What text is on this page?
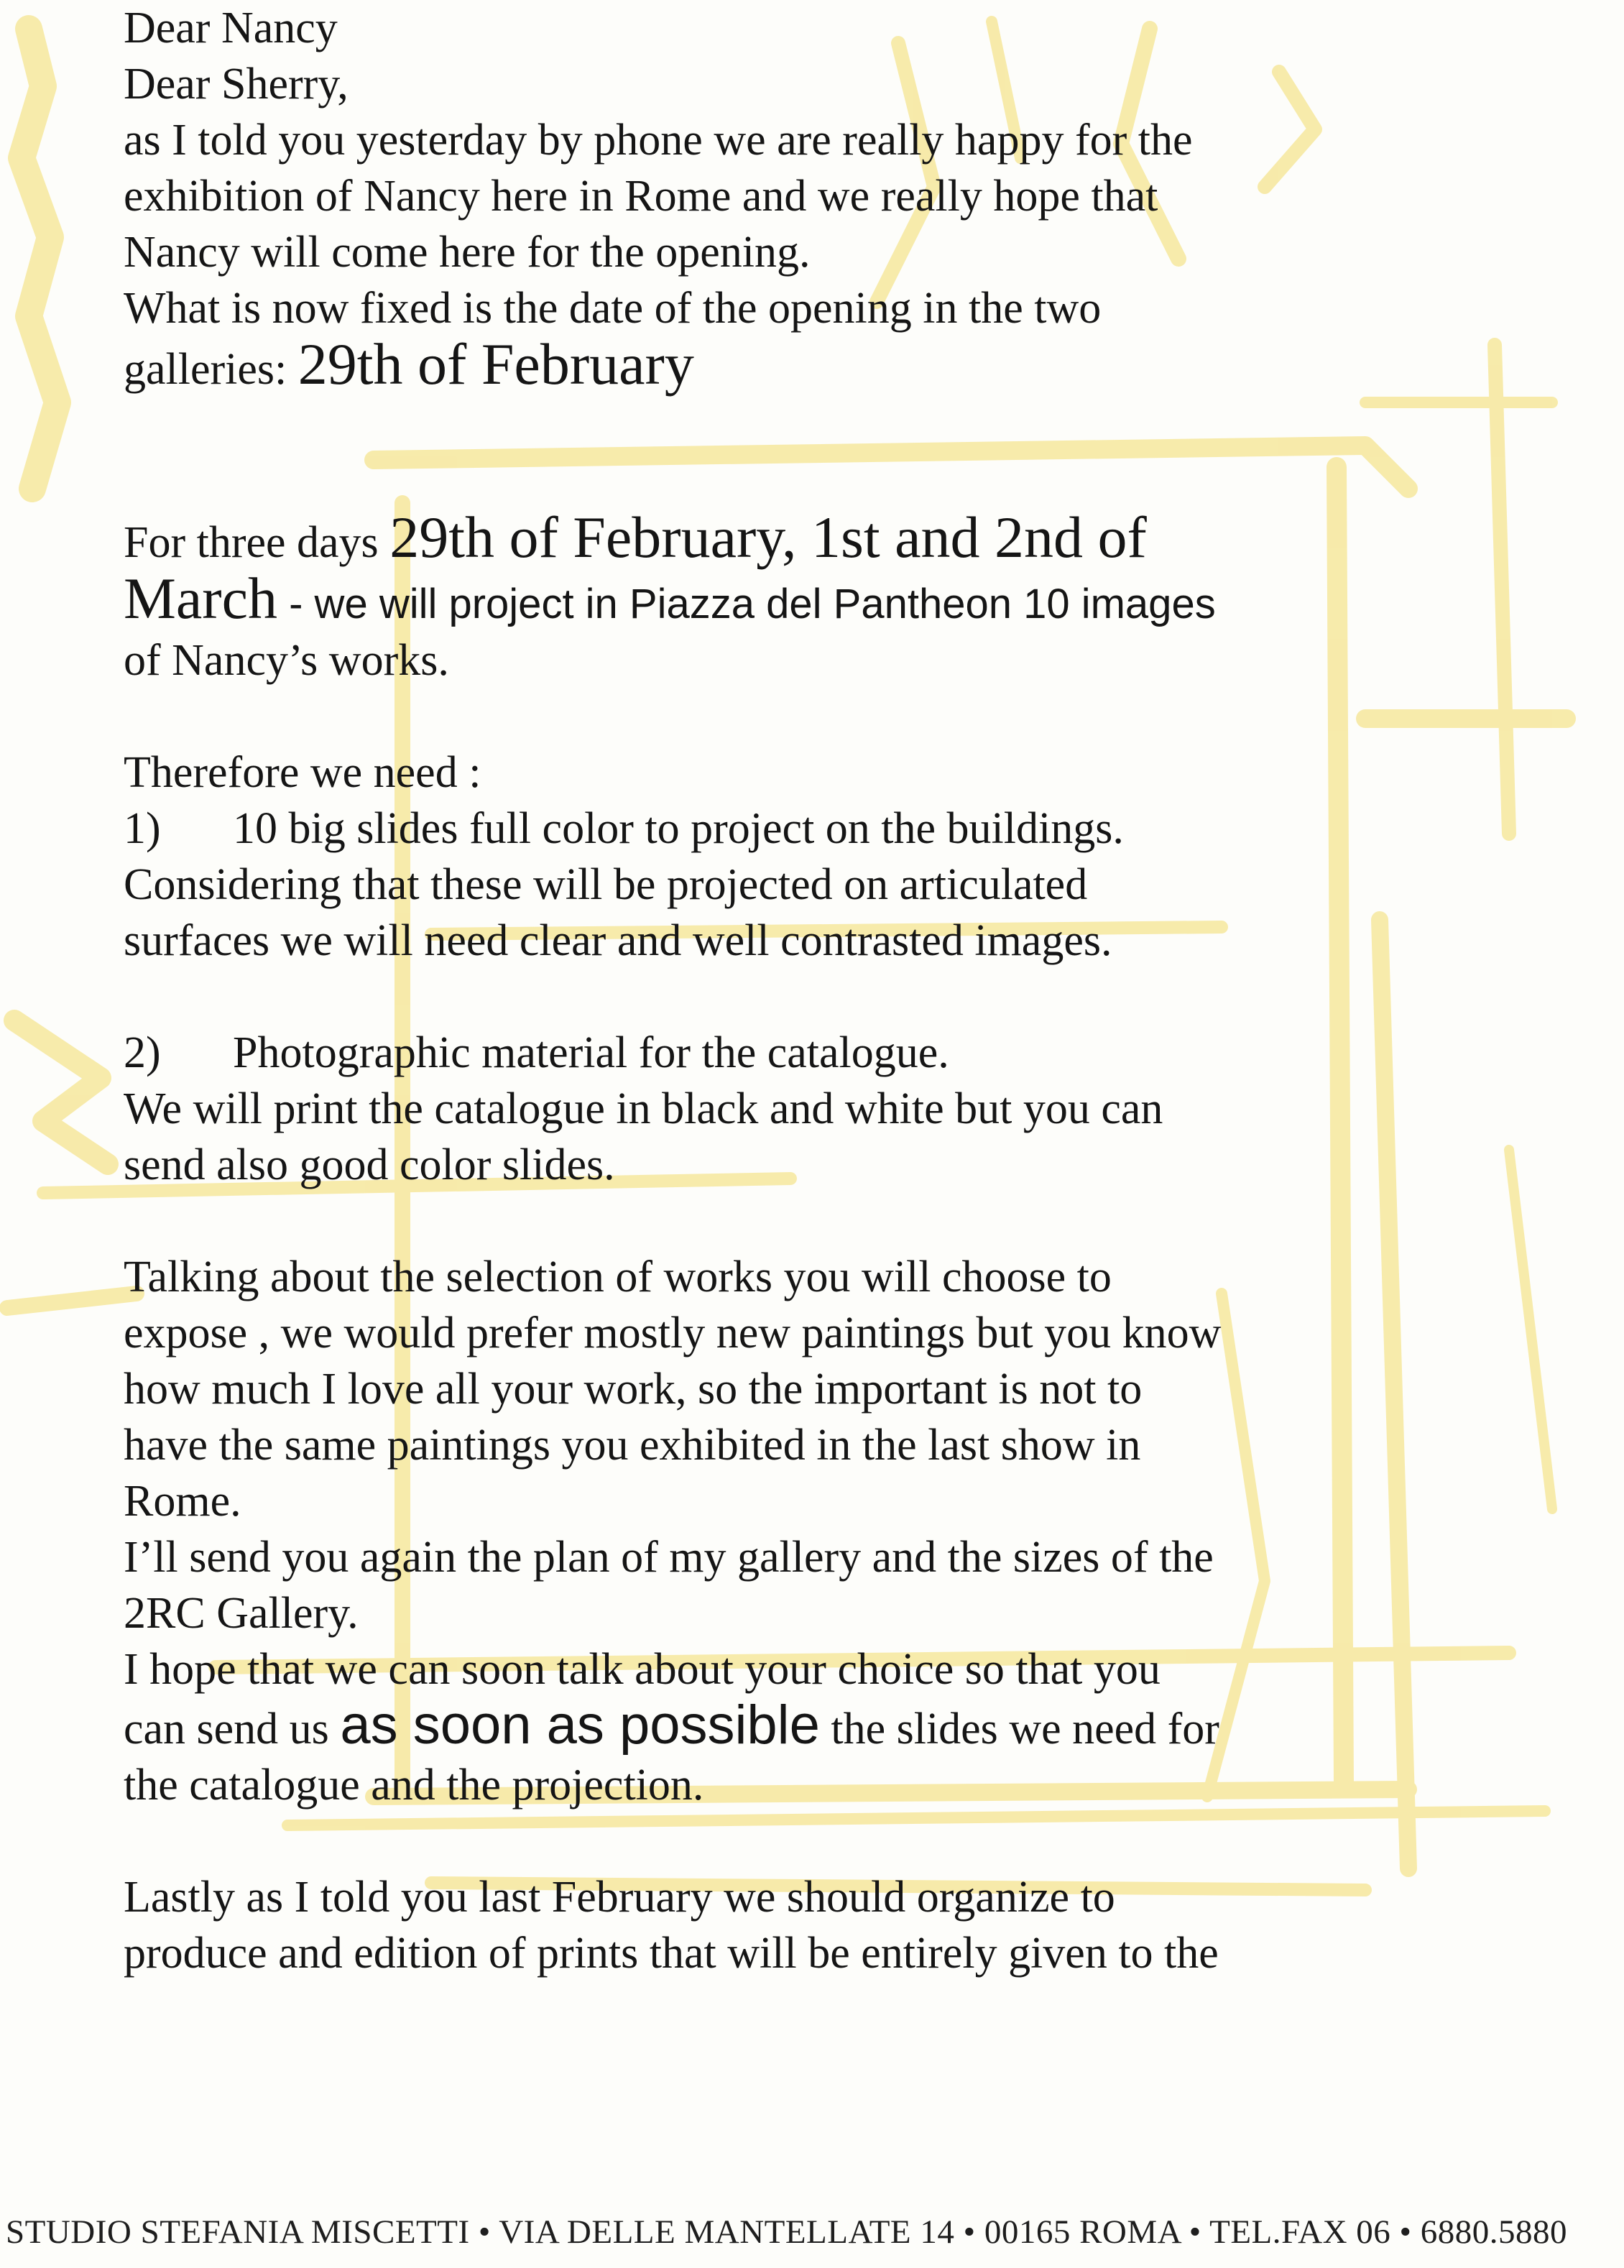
Dear Nancy

Dear Sherry,

as I told you yesterday by phone we are really happy for the

exhibition of Nancy here in Rome and we really hope that

Nancy will come here for the opening.

What is now fixed is the date of the opening in the two

galleries: 29th of February

For three days 29th of February, 1st and 2nd of

March - we will project in Piazza del Pantheon 10 images

of Nancy’s works.

Therefore we need :

1) 10 big slides full color to project on the buildings.

Considering that these will be projected on articulated

surfaces we will need clear and well contrasted images.

2) Photographic material for the catalogue.

We will print the catalogue in black and white but you can

send also good color slides.

Talking about the selection of works you will choose to

expose , we would prefer mostly new paintings but you know

how much I love all your work, so the important is not to

have the same paintings you exhibited in the last show in

Rome.

I’ll send you again the plan of my gallery and the sizes of the

2RC Gallery.

I hope that we can soon talk about your choice so that you

can send us as soon as possible the slides we need for

the catalogue and the projection.

Lastly as I told you last February we should organize to

produce and edition of prints that will be entirely given to the

STUDIO STEFANIA MISCETTI • VIA DELLE MANTELLATE 14 • 00165 ROMA • TEL.FAX 06 • 6880.5880
